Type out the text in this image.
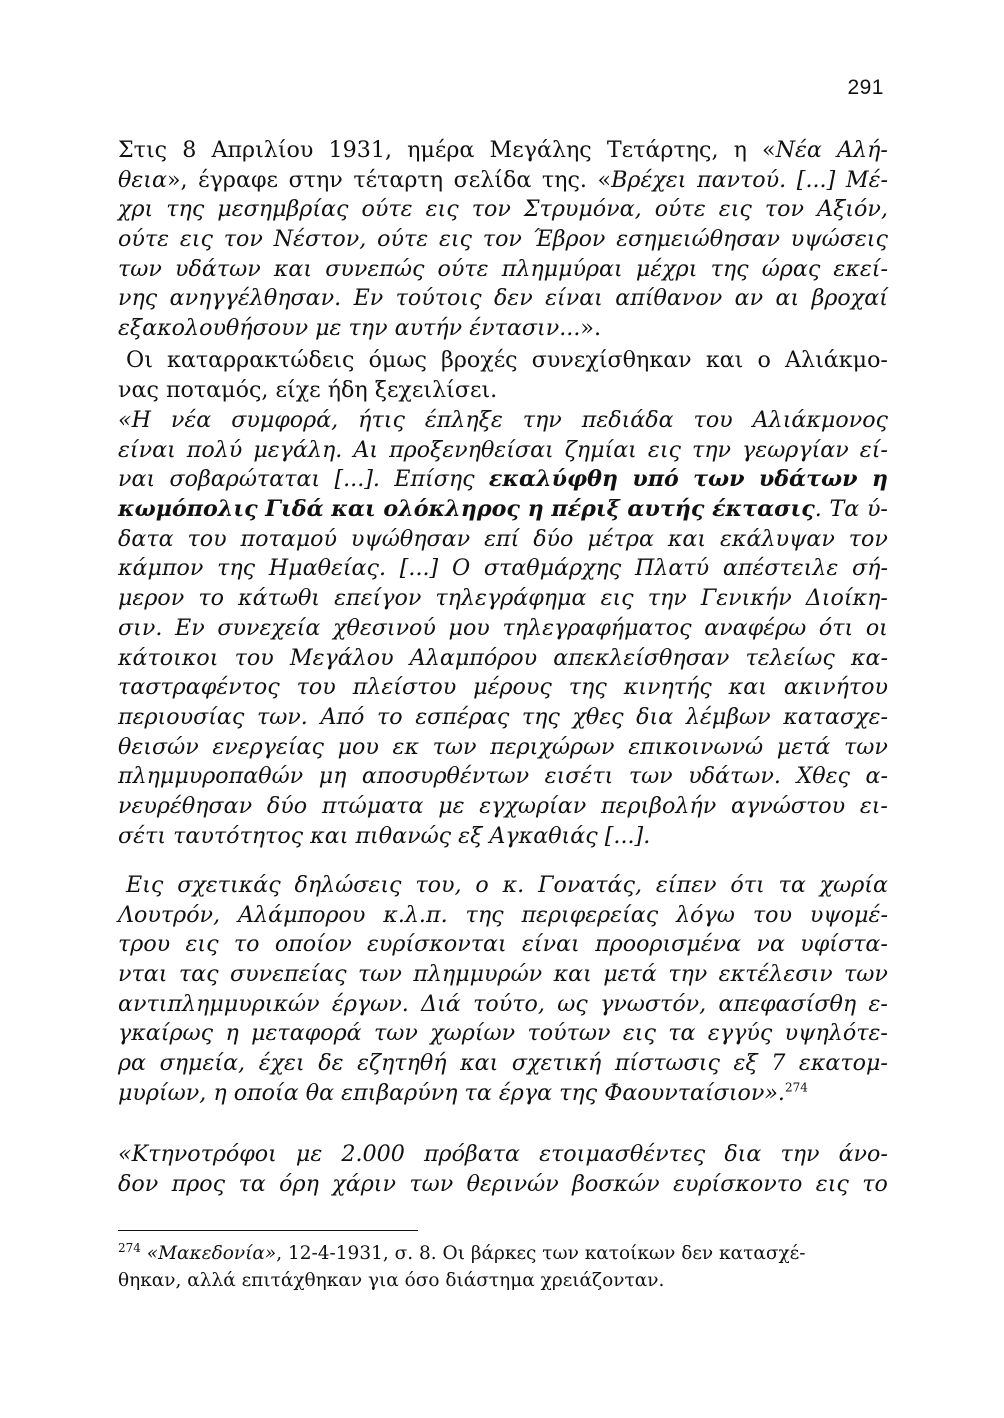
291
Στις 8 Απριλίου 1931, ημέρα Μεγάλης Τετάρτης, η «Νέα Αλή-
θεια», έγραφε στην τέταρτη σελίδα της. «Βρέχει παντού. [...] Μέ-
χρι της μεσημβρίας ούτε εις τον Στρυμόνα, ούτε εις τον Αξιόν,
ούτε εις τον Νέστον, ούτε εις τον Έβρον εσημειώθησαν υψώσεις
των υδάτων και συνεπώς ούτε πλημμύραι μέχρι της ώρας εκεί-
νης ανηγγέλθησαν. Εν τούτοις δεν είναι απίθανον αν αι βροχαί
εξακολουθήσουν με την αυτήν έντασιν...».
Οι καταρρακτώδεις όμως βροχές συνεχίσθηκαν και ο Αλιάκμο-
νας ποταμός, είχε ήδη ξεχειλίσει.
«Η νέα συμφορά, ήτις έπληξε την πεδιάδα του Αλιάκμονος
είναι πολύ μεγάλη. Αι προξενηθείσαι ζημίαι εις την γεωργίαν εί-
ναι σοβαρώταται [...]. Επίσης εκαλύφθη υπό των υδάτων η
κωμόπολις Γιδά και ολόκληρος η πέριξ αυτής έκτασις. Τα ύ-
δατα του ποταμού υψώθησαν επί δύο μέτρα και εκάλυψαν τον
κάμπον της Ημαθείας. [...] Ο σταθμάρχης Πλατύ απέστειλε σή-
μερον το κάτωθι επείγον τηλεγράφημα εις την Γενικήν Διοίκη-
σιν. Εν συνεχεία χθεσινού μου τηλεγραφήματος αναφέρω ότι οι
κάτοικοι του Μεγάλου Αλαμπόρου απεκλείσθησαν τελείως κα-
ταστραφέντος του πλείστου μέρους της κινητής και ακινήτου
περιουσίας των. Από το εσπέρας της χθες δια λέμβων κατασχε-
θεισών ενεργείας μου εκ των περιχώρων επικοινωνώ μετά των
πλημμυροπαθών μη αποσυρθέντων εισέτι των υδάτων. Χθες α-
νευρέθησαν δύο πτώματα με εγχωρίαν περιβολήν αγνώστου ει-
σέτι ταυτότητος και πιθανώς εξ Αγκαθιάς [...].
Εις σχετικάς δηλώσεις του, ο κ. Γονατάς, είπεν ότι τα χωρία
Λουτρόν, Αλάμπορου κ.λ.π. της περιφερείας λόγω του υψομέ-
τρου εις το οποίον ευρίσκονται είναι προορισμένα να υφίστα-
νται τας συνεπείας των πλημμυρών και μετά την εκτέλεσιν των
αντιπλημμυρικών έργων. Διά τούτο, ως γνωστόν, απεφασίσθη ε-
γκαίρως η μεταφορά των χωρίων τούτων εις τα εγγύς υψηλότε-
ρα σημεία, έχει δε εζητηθή και σχετική πίστωσις εξ 7 εκατομ-
μυρίων, η οποία θα επιβαρύνη τα έργα της Φαουνταίσιον».$^{274}$
«Κτηνοτρόφοι με 2.000 πρόβατα ετοιμασθέντες δια την άνο-
δον προς τα όρη χάριν των θερινών βοσκών ευρίσκοντο εις το
$^{274}$ «Μακεδονία», 12-4-1931, σ. 8. Οι βάρκες των κατοίκων δεν κατασχέ-
θηκαν, αλλά επιτάχθηκαν για όσο διάστημα χρειάζονταν.
